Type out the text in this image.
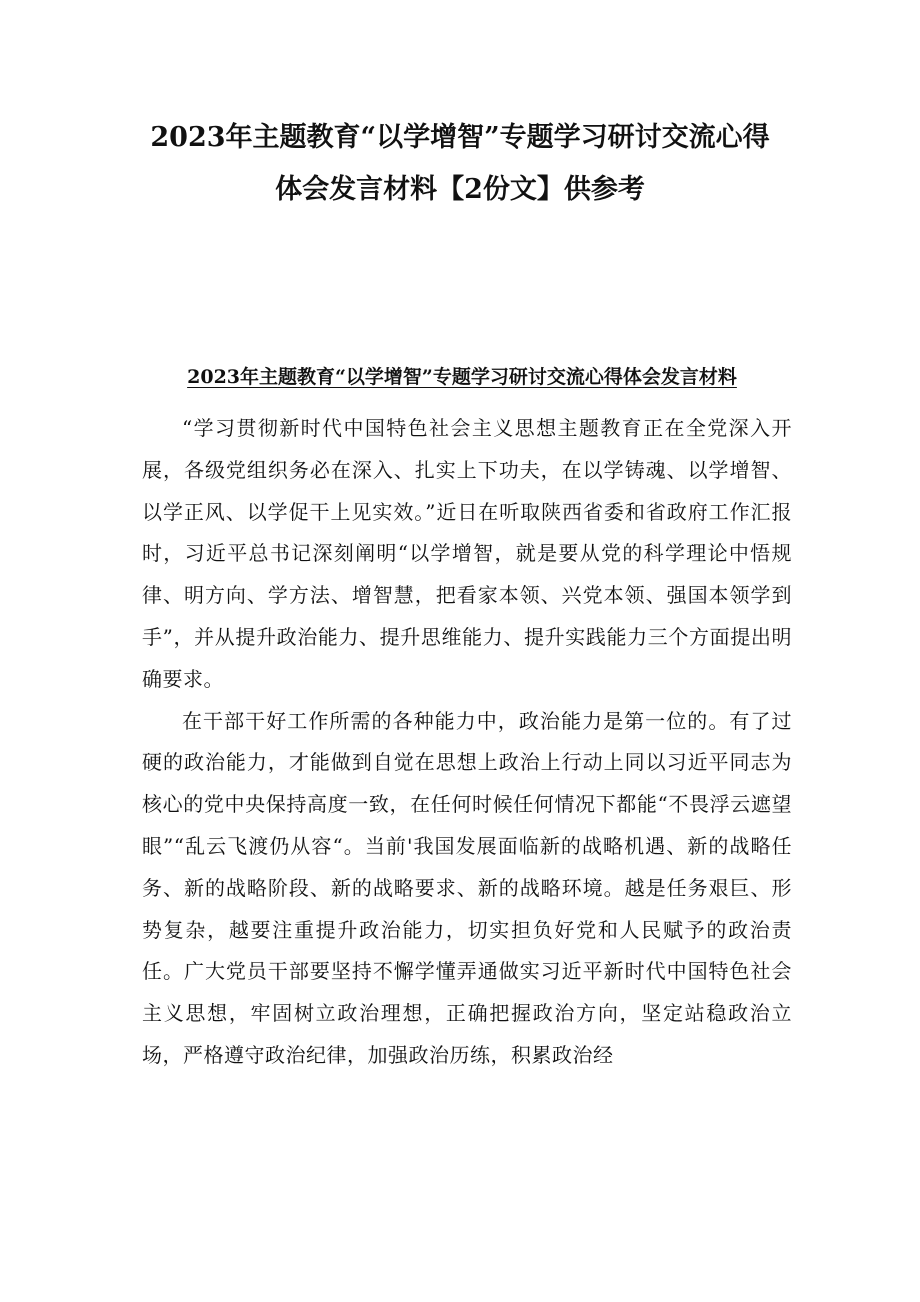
2023年主题教育“以学增智”专题学习研讨交流心得
体会发言材料【2份文】供参考
2023年主题教育“以学增智”专题学习研讨交流心得体会发言材料

“学习贯彻新时代中国特色社会主义思想主题教育正在全党深入开展，各级党组织务必在深入、扎实上下功夫，在以学铸魂、以学增智、以学正风、以学促干上见实效。”近日在听取陕西省委和省政府工作汇报时，习近平总书记深刻阐明“以学增智，就是要从党的科学理论中悟规律、明方向、学方法、增智慧，把看家本领、兴党本领、强国本领学到手”，并从提升政治能力、提升思维能力、提升实践能力三个方面提出明确要求。

在干部干好工作所需的各种能力中，政治能力是第一位的。有了过硬的政治能力，才能做到自觉在思想上政治上行动上同以习近平同志为核心的党中央保持高度一致，在任何时候任何情况下都能“不畏浮云遮望眼”“乱云飞渡仍从容“。当前'我国发展面临新的战略机遇、新的战略任务、新的战略阶段、新的战略要求、新的战略环境。越是任务艰巨、形势复杂，越要注重提升政治能力，切实担负好党和人民赋予的政治责任。广大党员干部要坚持不懈学懂弄通做实习近平新时代中国特色社会主义思想，牢固树立政治理想，正确把握政治方向，坚定站稳政治立场，严格遵守政治纪律，加强政治历练，积累政治经
